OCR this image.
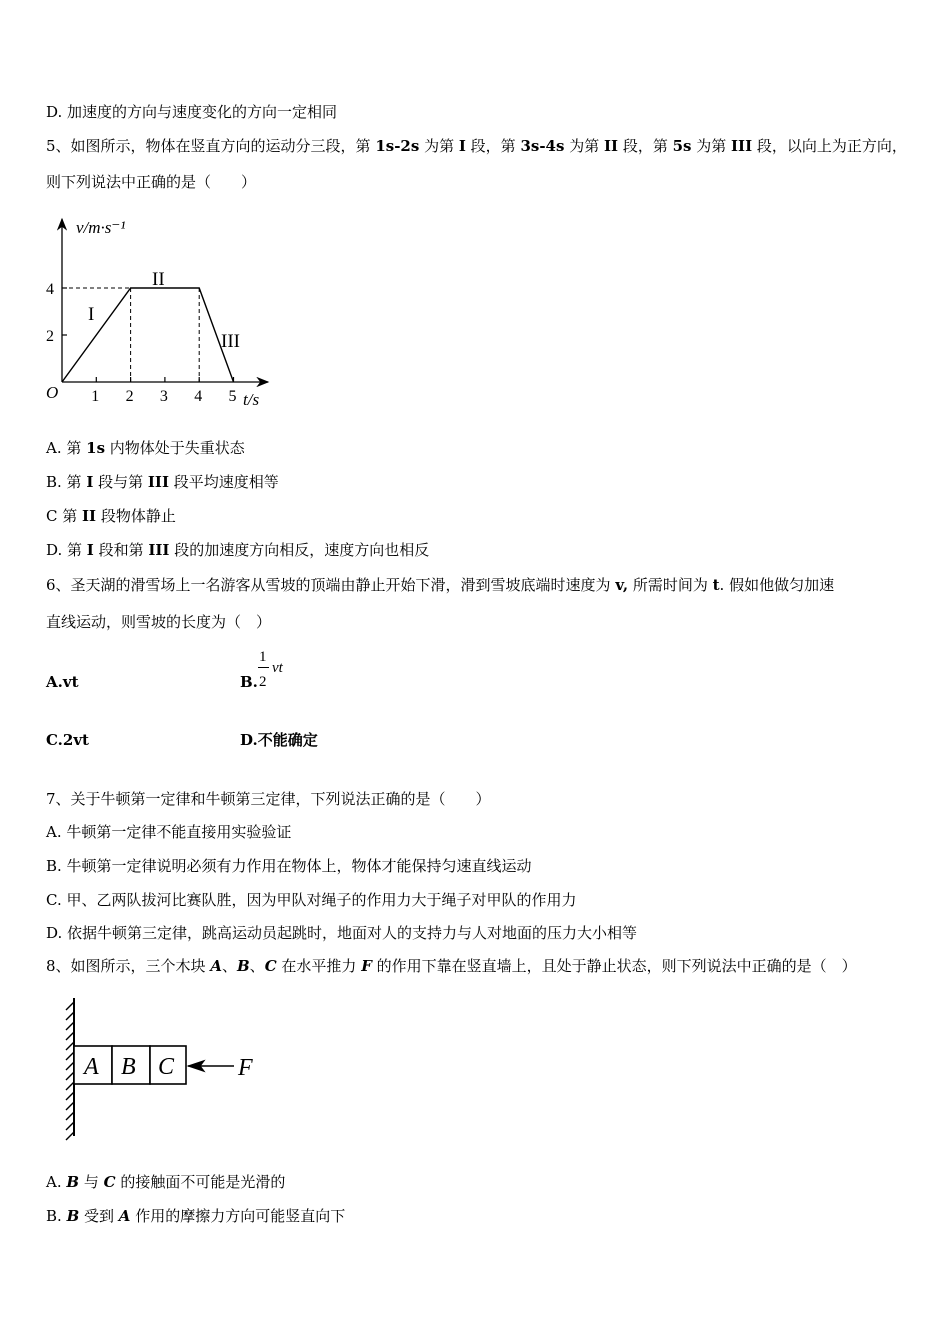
D. 加速度的方向与速度变化的方向一定相同
5、如图所示，物体在竖直方向的运动分三段，第 1s-2s 为第 I 段，第 3s-4s 为第 II 段，第 5s 为第 III 段，以向上为正方向，
则下列说法中正确的是（　　）
1 2 3 4 5
2
4
v/m·s⁻¹
t/s
O
I
II
III
A. 第 1s 内物体处于失重状态
B. 第 I 段与第 III 段平均速度相等
C 第 II 段物体静止
D. 第 I 段和第 III 段的加速度方向相反，速度方向也相反
6、圣天湖的滑雪场上一名游客从雪坡的顶端由静止开始下滑，滑到雪坡底端时速度为 v, 所需时间为 t. 假如他做匀加速
直线运动，则雪坡的长度为（　）
A.vt	B.
1
2
vt
C.2vt	D.不能确定
7、关于牛顿第一定律和牛顿第三定律，下列说法正确的是（　　）
A. 牛顿第一定律不能直接用实验验证
B. 牛顿第一定律说明必须有力作用在物体上，物体才能保持匀速直线运动
C. 甲、乙两队拔河比赛队胜，因为甲队对绳子的作用力大于绳子对甲队的作用力
D. 依据牛顿第三定律，跳高运动员起跳时，地面对人的支持力与人对地面的压力大小相等
8、如图所示，三个木块 A、B、C 在水平推力 F 的作用下靠在竖直墙上，且处于静止状态，则下列说法中正确的是（　）
A B C	F
A. B 与 C 的接触面不可能是光滑的
B. B 受到 A 作用的摩擦力方向可能竖直向下
